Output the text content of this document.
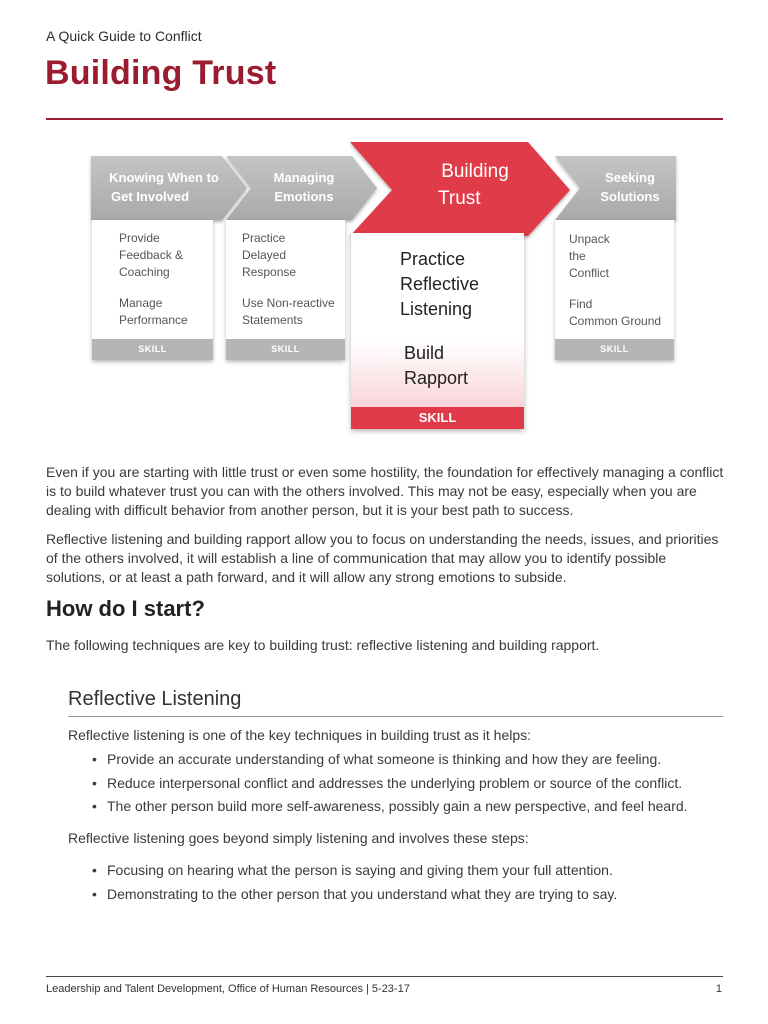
A Quick Guide to Conflict
Building Trust
Knowing When to
Get Involved
Managing
Emotions
Building
Trust
Seeking
Solutions
Provide
Feedback &
Coaching
Manage
Performance
SKILL
Practice
Delayed
Response
Use Non-reactive
Statements
SKILL
Practice
Reflective
Listening
Build
Rapport
SKILL
Unpack
the
Conflict
Find
Common Ground
SKILL

Even if you are starting with little trust or even some hostility, the foundation for effectively managing a conflict is to build whatever trust you can with the others involved. This may not be easy, especially when you are dealing with difficult behavior from another person, but it is your best path to success.

Reflective listening and building rapport allow you to focus on understanding the needs, issues, and priorities of the others involved, it will establish a line of communication that may allow you to identify possible solutions, or at least a path forward, and it will allow any strong emotions to subside.

How do I start?

The following techniques are key to building trust: reflective listening and building rapport.

Reflective Listening

Reflective listening is one of the key techniques in building trust as it helps:

• Provide an accurate understanding of what someone is thinking and how they are feeling.
• Reduce interpersonal conflict and addresses the underlying problem or source of the conflict.
• The other person build more self-awareness, possibly gain a new perspective, and feel heard.

Reflective listening goes beyond simply listening and involves these steps:

• Focusing on hearing what the person is saying and giving them your full attention.
• Demonstrating to the other person that you understand what they are trying to say.
Leadership and Talent Development, Office of Human Resources | 5-23-17	1
